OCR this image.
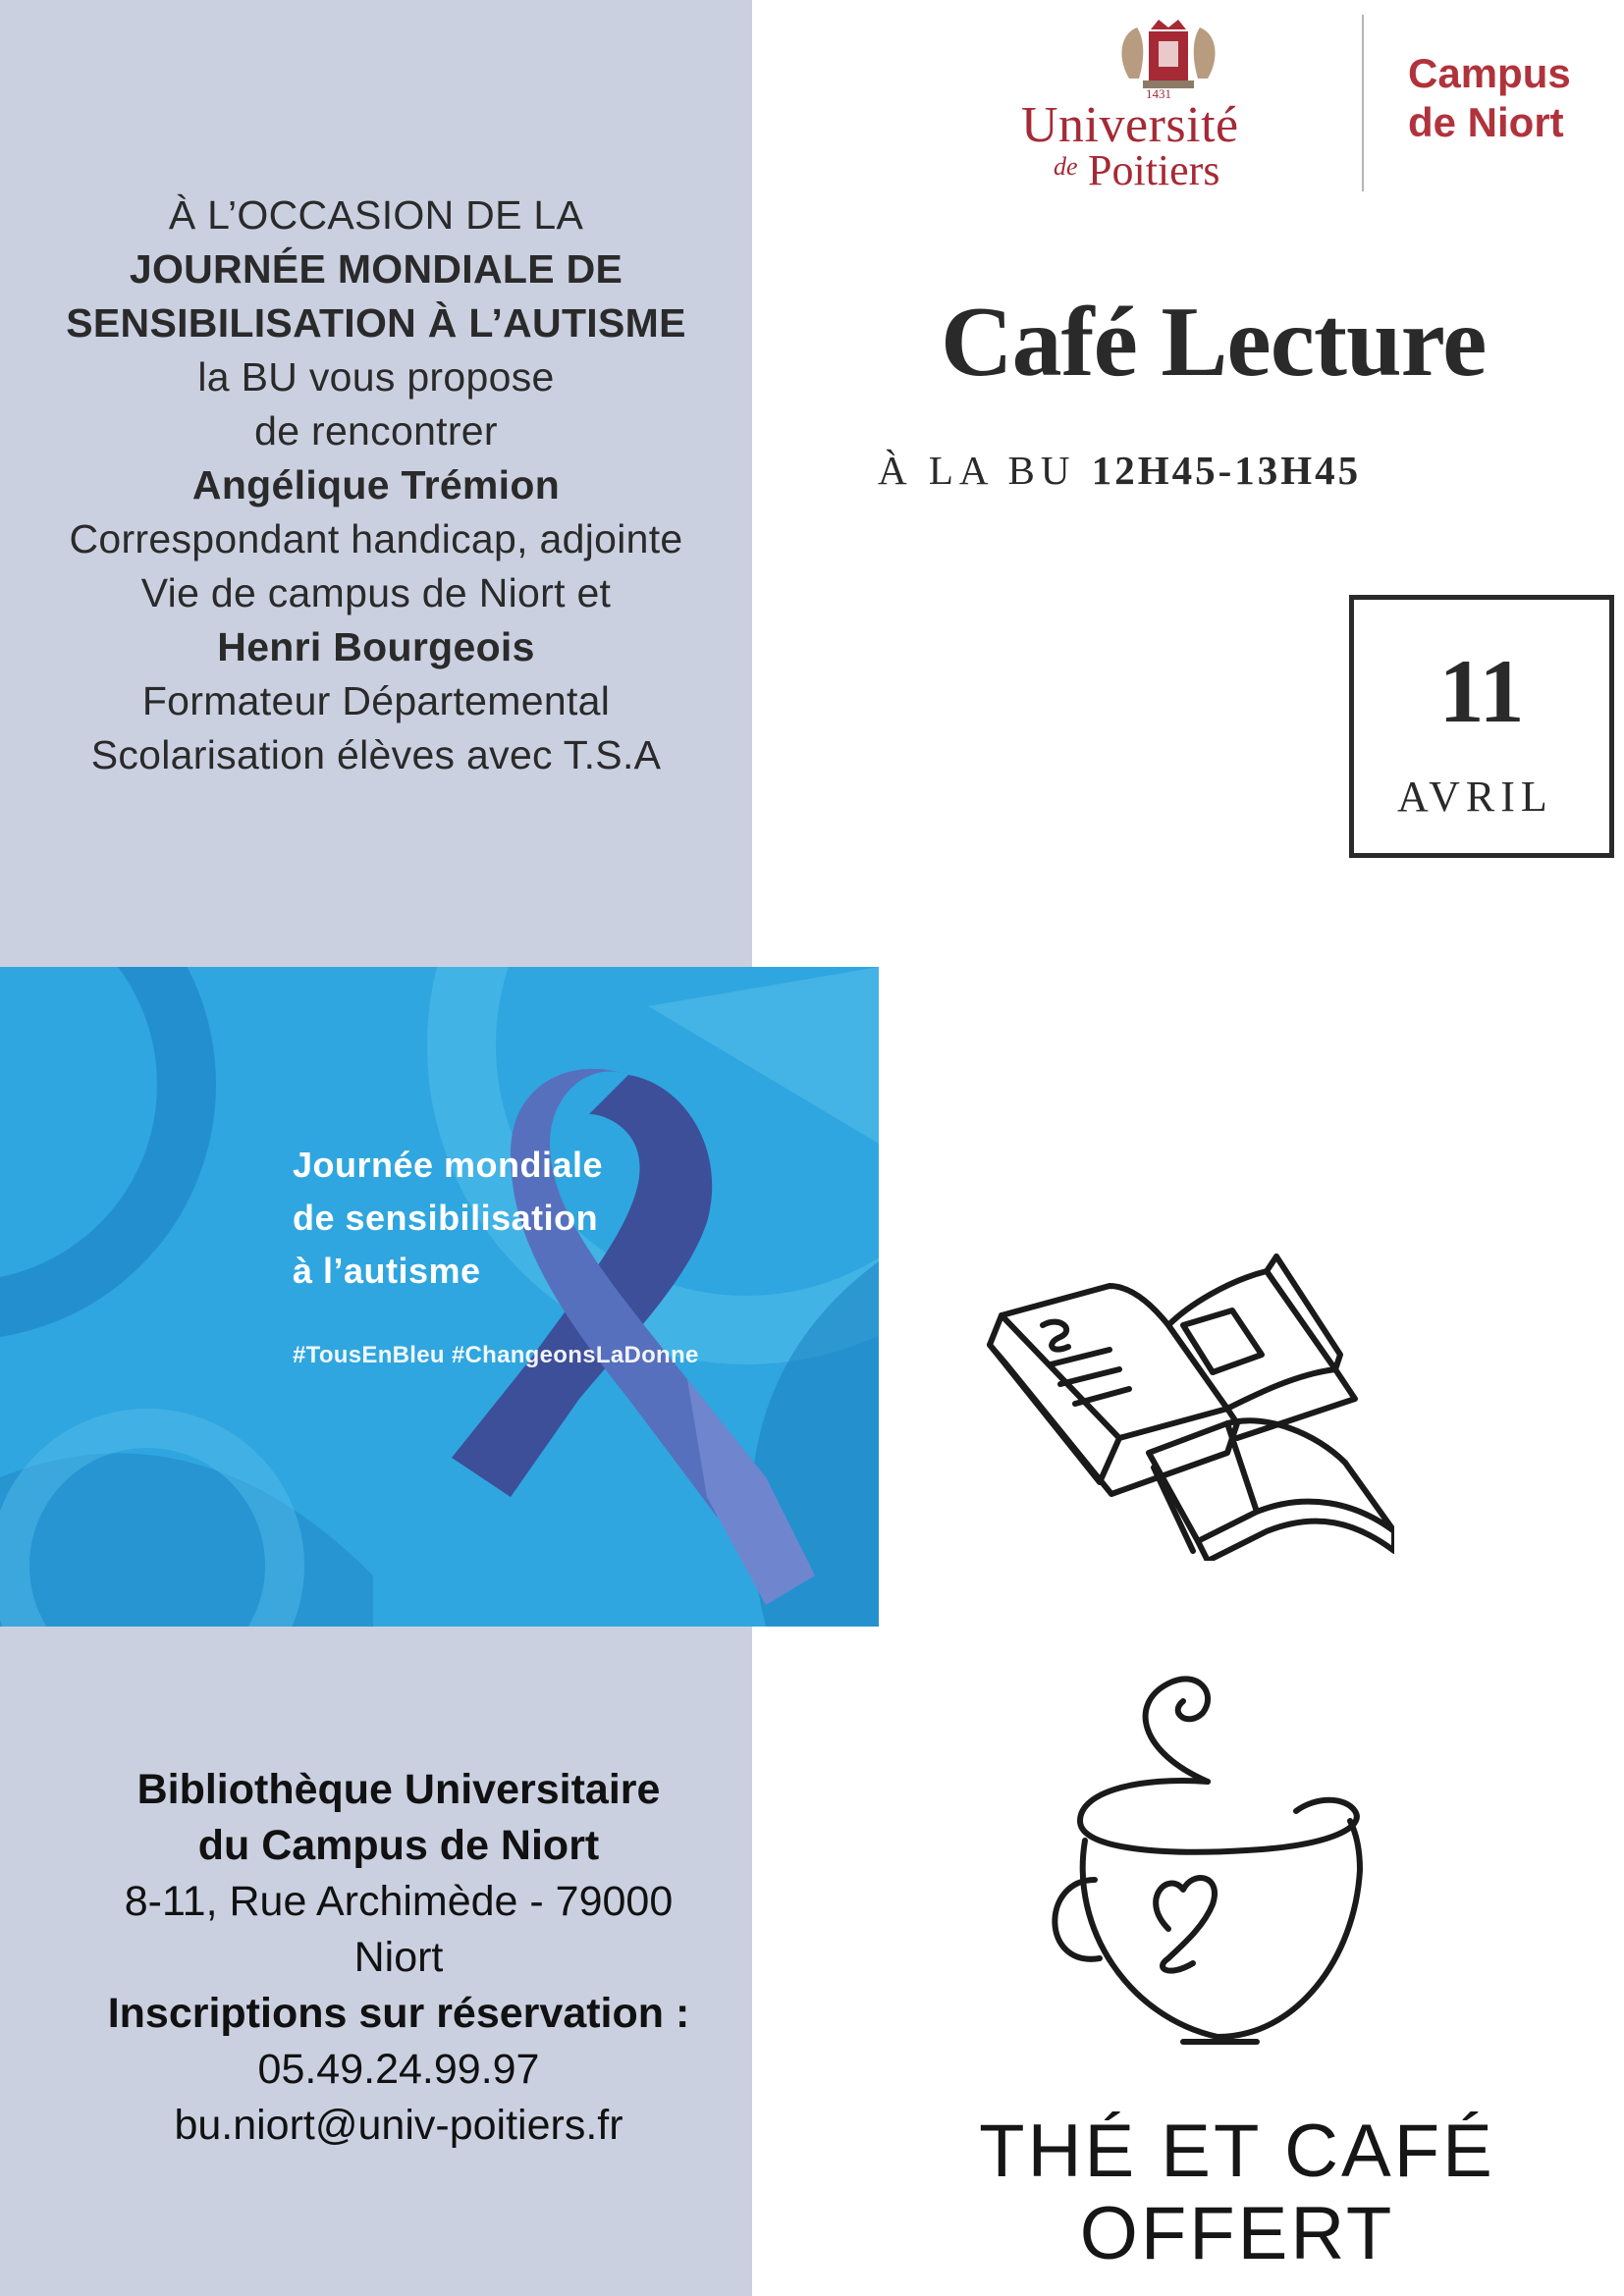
À L’OCCASION DE LA
JOURNÉE MONDIALE DE
SENSIBILISATION À L’AUTISME
la BU vous propose
de rencontrer
Angélique Trémion
Correspondant handicap, adjointe
Vie de campus de Niort et
Henri Bourgeois
Formateur Départemental
Scolarisation élèves avec T.S.A
Journée mondiale
de sensibilisation
à l’autisme
#TousEnBleu #ChangeonsLaDonne
Bibliothèque Universitaire
du Campus de Niort
8-11, Rue Archimède - 79000
Niort
Inscriptions sur réservation :
05.49.24.99.97
bu.niort@univ-poitiers.fr
1431
Université
de Poitiers
Campus
de Niort
Café Lecture
À LA BU 12H45-13H45
11
AVRIL
THÉ ET CAFÉ
OFFERT
